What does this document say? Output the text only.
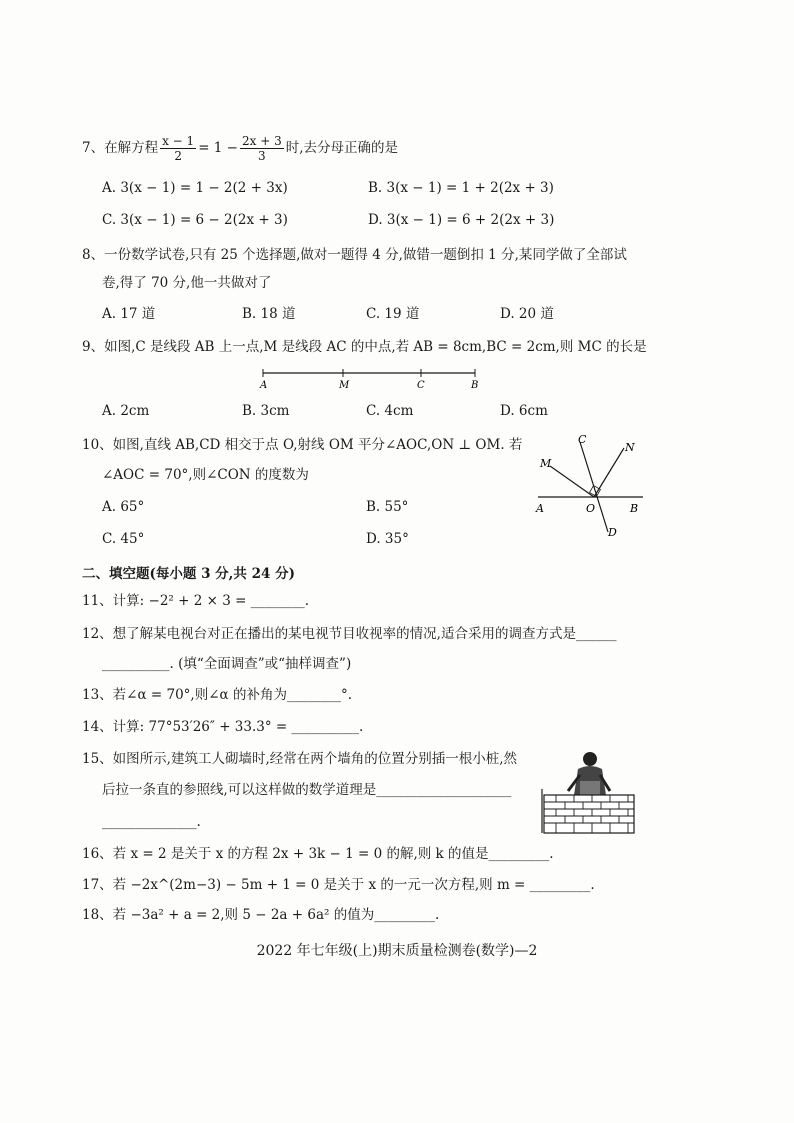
7、在解方程 $\frac{x - 1}{2} = 1 - \frac{2x + 3}{3}$ 时,去分母正确的是
A. 3(x − 1) = 1 − 2(2 + 3x)	B. 3(x − 1) = 1 + 2(2x + 3)
C. 3(x − 1) = 6 − 2(2x + 3)	D. 3(x − 1) = 6 + 2(2x + 3)
8、一份数学试卷,只有 25 个选择题,做对一题得 4 分,做错一题倒扣 1 分,某同学做了全部试
卷,得了 70 分,他一共做对了
A. 17 道	B. 18 道	C. 19 道	D. 20 道
9、如图,C 是线段 AB 上一点,M 是线段 AC 的中点,若 AB = 8cm,BC = 2cm,则 MC 的长是
A	M	C	B
A. 2cm	B. 3cm	C. 4cm	D. 6cm
10、如图,直线 AB,CD 相交于点 O,射线 OM 平分∠AOC,ON ⊥ OM. 若
∠AOC = 70°,则∠CON 的度数为
A. 65°	B. 55°
C. 45°	D. 35°
C
N
M
A	O	B
D
二、填空题(每小题 3 分,共 24 分)
11、计算: −2² + 2 × 3 = ________.
12、想了解某电视台对正在播出的某电视节目收视率的情况,适合采用的调查方式是______
__________. (填“全面调查”或“抽样调查”)
13、若∠α = 70°,则∠α 的补角为________°.
14、计算: 77°53′26″ + 33.3° = __________.
15、如图所示,建筑工人砌墙时,经常在两个墙角的位置分别插一根小桩,然
后拉一条直的参照线,可以这样做的数学道理是____________________
______________.
16、若 x = 2 是关于 x 的方程 2x + 3k − 1 = 0 的解,则 k 的值是_________.
17、若 −2x^(2m−3) − 5m + 1 = 0 是关于 x 的一元一次方程,则 m = _________.
18、若 −3a² + a = 2,则 5 − 2a + 6a² 的值为_________.
2022 年七年级(上)期末质量检测卷(数学)—2
